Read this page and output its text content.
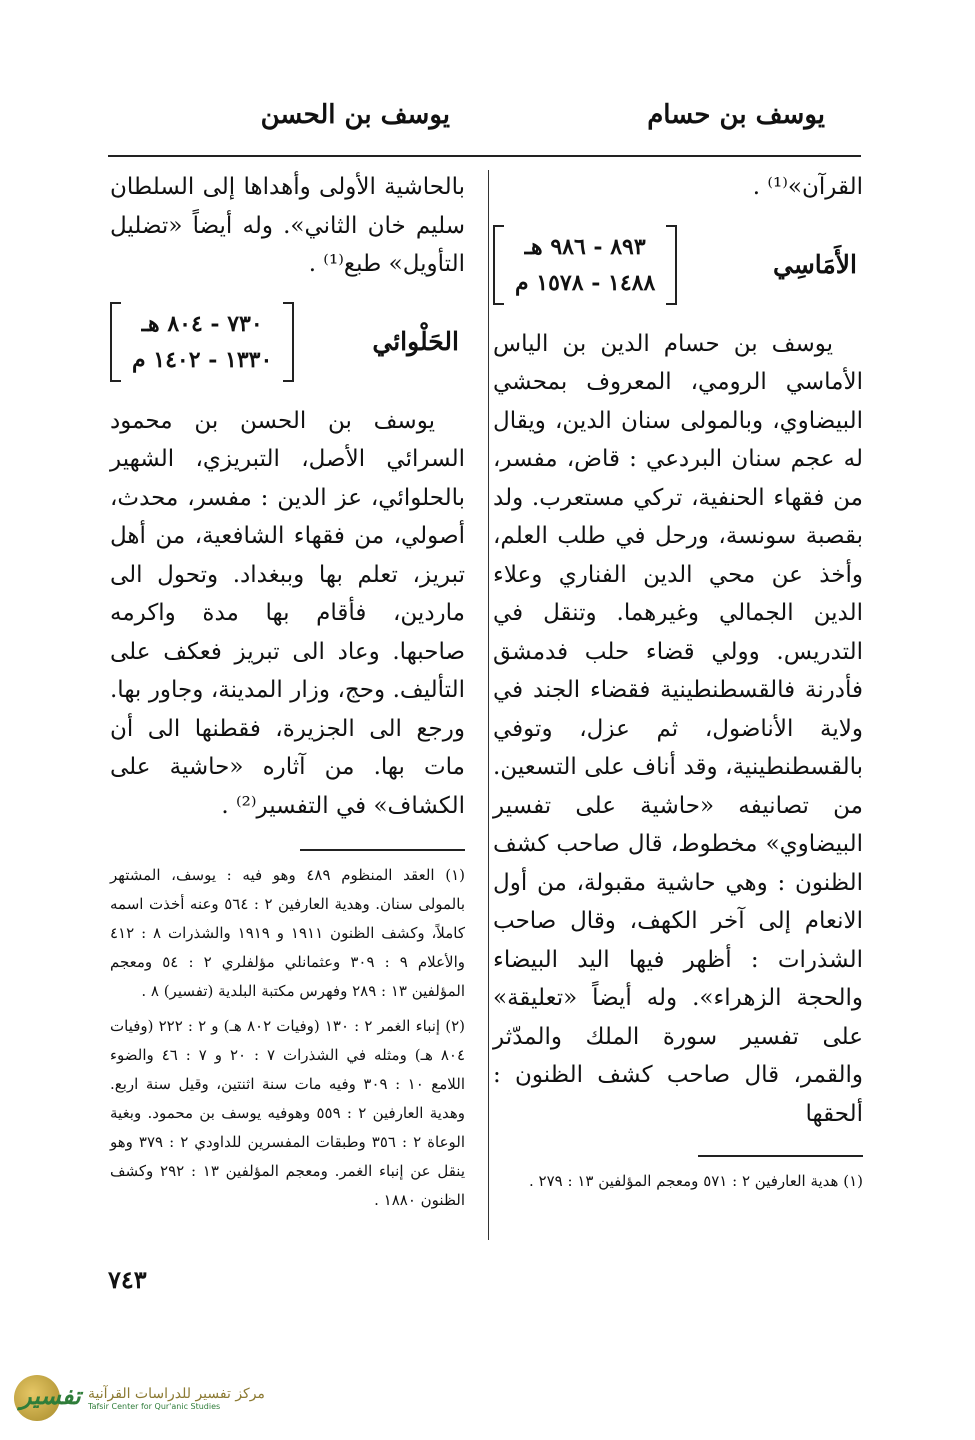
يوسف بن حسام
يوسف بن الحسن

القرآن»⁽¹⁾ .

الأَمَاسِي
٨٩٣ - ٩٨٦ هـ
١٤٨٨ - ١٥٧٨ م

يوسف بن حسام الدين بن الياس الأماسي الرومي، المعروف بمحشي البيضاوي، وبالمولى سنان الدين، ويقال له عجم سنان البردعي : قاض، مفسر، من فقهاء الحنفية، تركي مستعرب. ولد بقصبة سونسة، ورحل في طلب العلم، وأخذ عن محي الدين الفناري وعلاء الدين الجمالي وغيرهما. وتنقل في التدريس. وولي قضاء حلب فدمشق فأدرنة فالقسطنطينية فقضاء الجند في ولاية الأناضول، ثم عزل، وتوفي بالقسطنطينية، وقد أناف على التسعين. من تصانيفه «حاشية على تفسير البيضاوي» مخطوط، قال صاحب كشف الظنون : وهي حاشية مقبولة، من أول الانعام إلى آخر الكهف، وقال صاحب الشذرات : أظهر فيها اليد البيضاء والحجة الزهراء». وله أيضاً «تعليقة» على تفسير سورة الملك والمدّثر والقمر، قال صاحب كشف الظنون : ألحقها

(١) هدية العارفين ٢ : ٥٧١ ومعجم المؤلفين ١٣ : ٢٧٩ .

بالحاشية الأولى وأهداها إلى السلطان سليم خان الثاني». وله أيضاً «تضليل التأويل» طبع⁽¹⁾ .

الحَلْوائي
٧٣٠ - ٨٠٤ هـ
١٣٣٠ - ١٤٠٢ م

يوسف بن الحسن بن محمود السرائي الأصل، التبريزي، الشهير بالحلوائي، عز الدين : مفسر، محدث، أصولي، من فقهاء الشافعية، من أهل تبريز، تعلم بها وببغداد. وتحول الى ماردين، فأقام بها مدة واكرمه صاحبها. وعاد الى تبريز فعكف على التأليف. وحج، وزار المدينة، وجاور بها. ورجع الى الجزيرة، فقطنها الى أن مات بها. من آثاره «حاشية على الكشاف» في التفسير⁽²⁾ .

(١) العقد المنظوم ٤٨٩ وهو فيه : يوسف، المشتهر بالمولى سنان. وهدية العارفين ٢ : ٥٦٤ وعنه أخذت اسمه كاملاً، وكشف الظنون ١٩١١ و ١٩١٩ والشذرات ٨ : ٤١٢ والأعلام ٩ : ٣٠٩ وعثمانلي مؤلفلري ٢ : ٥٤ ومعجم المؤلفين ١٣ : ٢٨٩ وفهرس مكتبة البلدية (تفسير) ٨ .

(٢) إنباء الغمر ٢ : ١٣٠ (وفيات ٨٠٢ هـ) و ٢ : ٢٢٢ (وفيات ٨٠٤ هـ) ومثله في الشذرات ٧ : ٢٠ و ٧ : ٤٦ والضوء اللامع ١٠ : ٣٠٩ وفيه مات سنة اثنتين، وقيل سنة اربع. وهدية العارفين ٢ : ٥٥٩ وهوفيه يوسف بن محمود. وبغية الوعاة ٢ : ٣٥٦ وطبقات المفسرين للداودي ٢ : ٣٧٩ وهو ينقل عن إنباء الغمر. ومعجم المؤلفين ١٣ : ٢٩٢ وكشف الظنون ١٨٨٠ .

٧٤٣
تفسير مركز تفسير للدراسات القرآنية
Tafsir Center for Qur'anic Studies
